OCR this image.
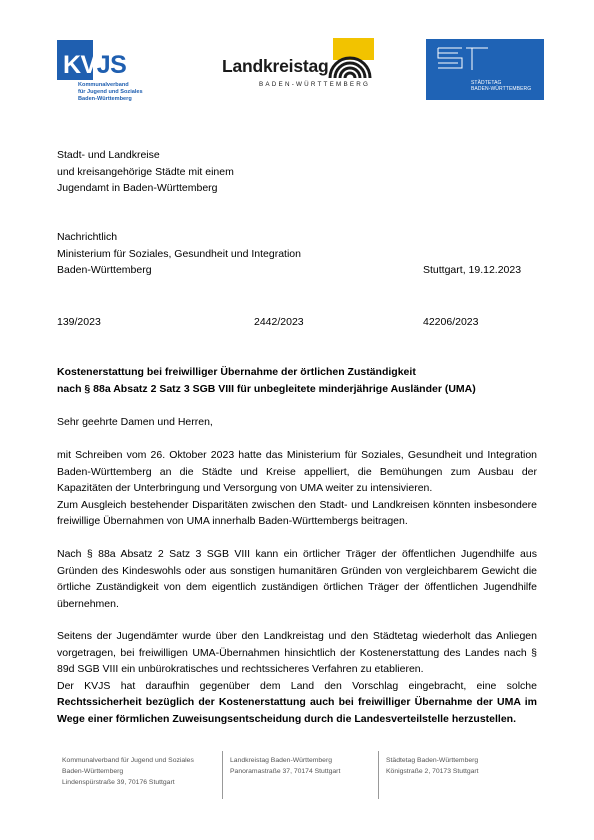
KVJS
Kommunalverband
für Jugend und Soziales
Baden-Württemberg
Landkreistag
BADEN-WÜRTTEMBERG	STÄDTETAG
BADEN-WÜRTTEMBERG
Stadt- und Landkreise
und kreisangehörige Städte mit einem
Jugendamt in Baden-Württemberg
Nachrichtlich
Ministerium für Soziales, Gesundheit und Integration
Baden-Württemberg	Stuttgart, 19.12.2023
139/2023	2442/2023	42206/2023
Kostenerstattung bei freiwilliger Übernahme der örtlichen Zuständigkeit
nach § 88a Absatz 2 Satz 3 SGB VIII für unbegleitete minderjährige Ausländer (UMA)
Sehr geehrte Damen und Herren,
mit Schreiben vom 26. Oktober 2023 hatte das Ministerium für Soziales, Gesundheit und Integration Baden-Württemberg an die Städte und Kreise appelliert, die Bemühungen zum Ausbau der Kapazitäten der Unterbringung und Versorgung von UMA weiter zu intensivieren.
Zum Ausgleich bestehender Disparitäten zwischen den Stadt- und Landkreisen könnten insbesondere freiwillige Übernahmen von UMA innerhalb Baden-Württembergs beitragen.
Nach § 88a Absatz 2 Satz 3 SGB VIII kann ein örtlicher Träger der öffentlichen Jugendhilfe aus Gründen des Kindeswohls oder aus sonstigen humanitären Gründen von vergleichbarem Gewicht die örtliche Zuständigkeit von dem eigentlich zuständigen örtlichen Träger der öffentlichen Jugendhilfe übernehmen.
Seitens der Jugendämter wurde über den Landkreistag und den Städtetag wiederholt das Anliegen vorgetragen, bei freiwilligen UMA-Übernahmen hinsichtlich der Kostenerstattung des Landes nach § 89d SGB VIII ein unbürokratisches und rechtssicheres Verfahren zu etablieren.
Der KVJS hat daraufhin gegenüber dem Land den Vorschlag eingebracht, eine solche Rechtssicherheit bezüglich der Kostenerstattung auch bei freiwilliger Übernahme der UMA im Wege einer förmlichen Zuweisungsentscheidung durch die Landesverteilstelle herzustellen.
Kommunalverband für Jugend und Soziales
Baden-Württemberg
Lindenspürstraße 39, 70176 Stuttgart
Landkreistag Baden-Württemberg
Panoramastraße 37, 70174 Stuttgart
Städtetag Baden-Württemberg
Königstraße 2, 70173 Stuttgart
